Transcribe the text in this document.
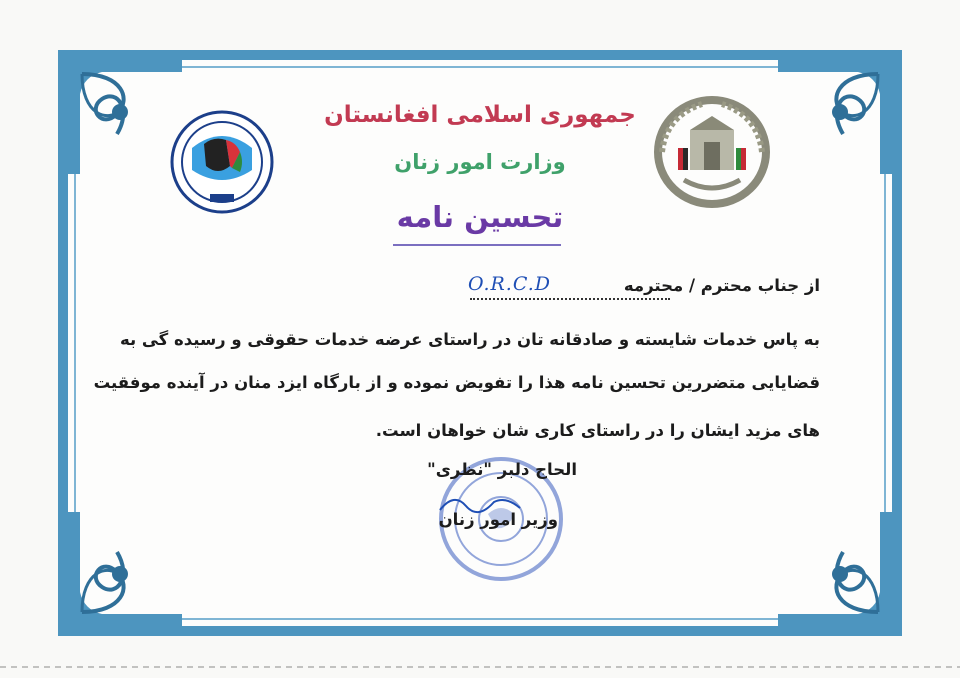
جمهوری اسلامی افغانستان
وزارت امور زنان
تحسین نامه
از جناب محترم / محترمه
O.R.C.D
به پاس خدمات شایسته و صادقانه تان در راستای عرضه خدمات حقوقی و رسیده گی به
قضایایی متضررین تحسین نامه هذا را تفویض نموده و از بارگاه ایزد منان در آینده موفقیت
های مزید ایشان را در راستای کاری شان خواهان است.
الحاج دلبر "نظری"
وزیر امور زنان
